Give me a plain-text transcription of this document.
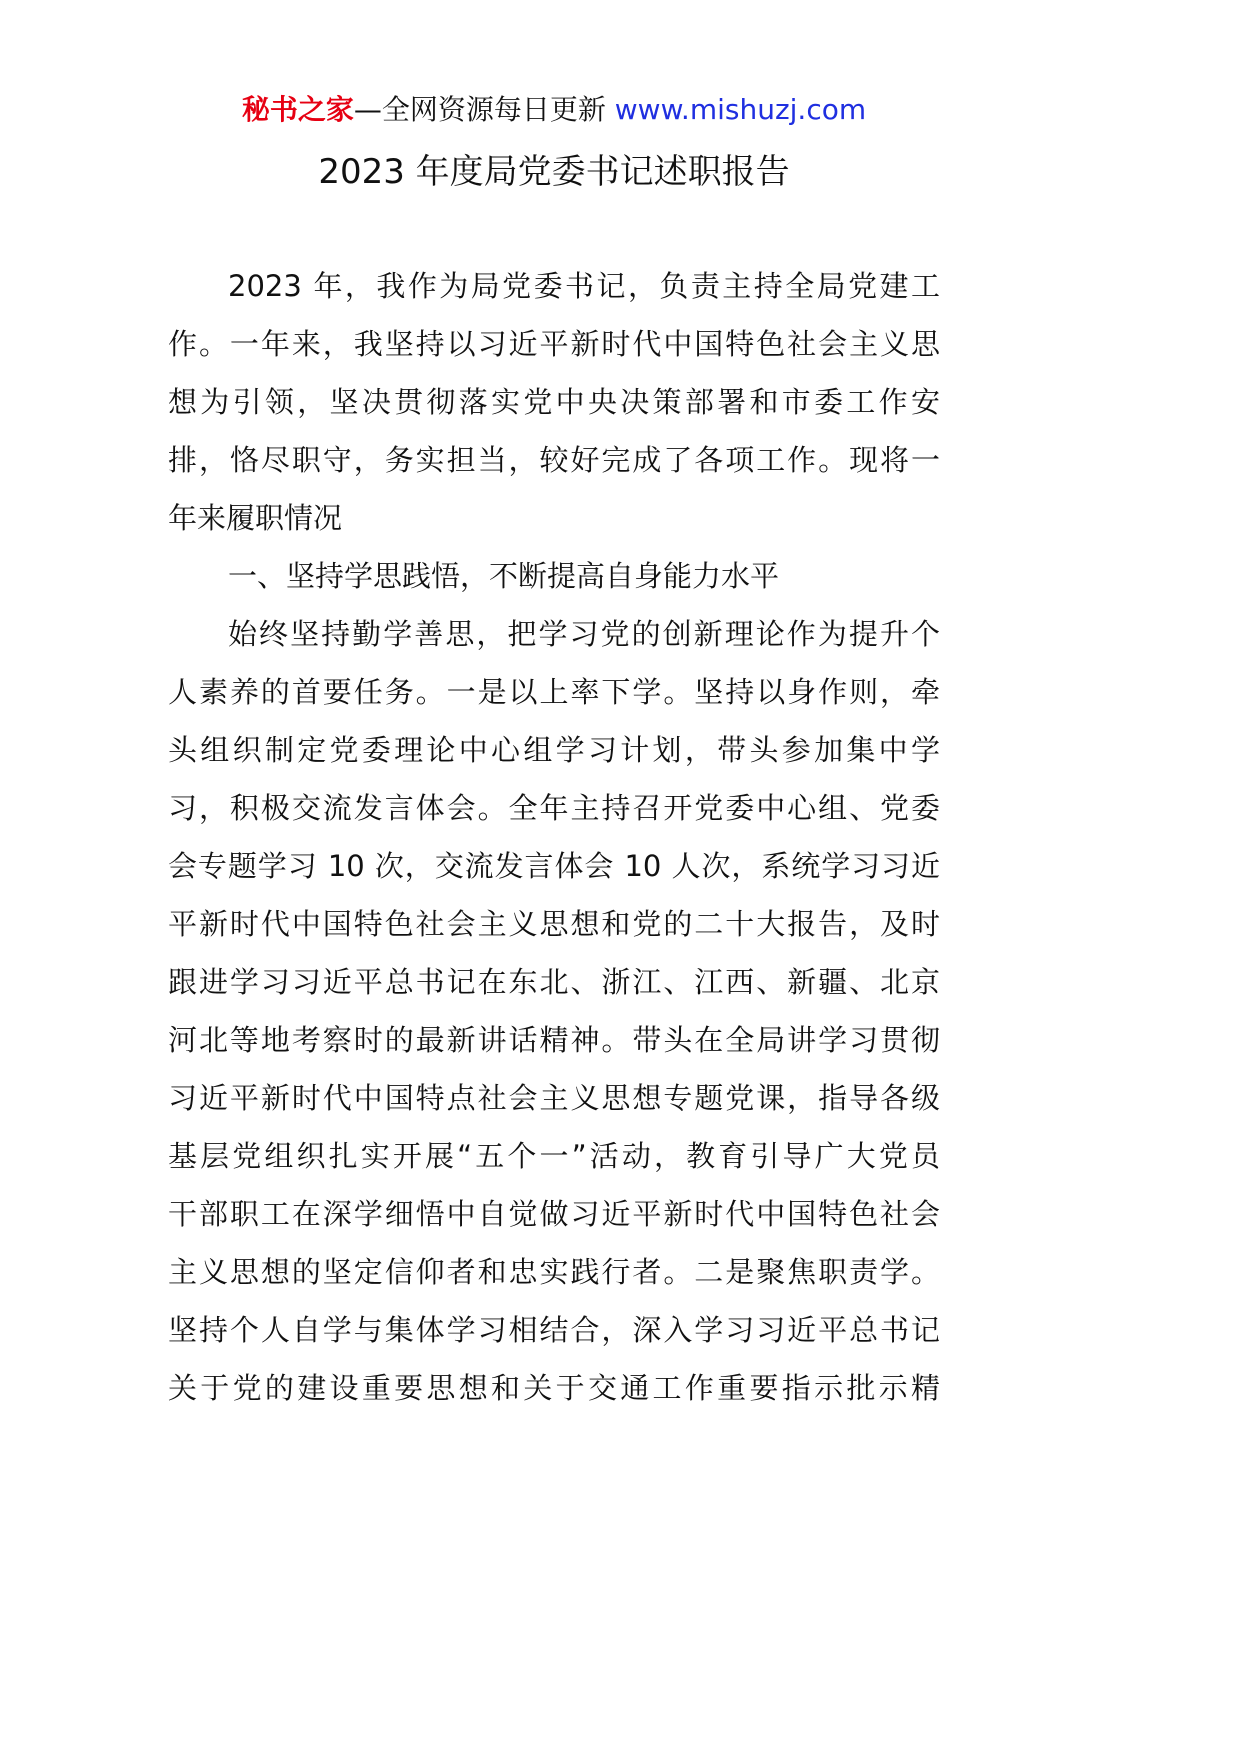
秘书之家—全网资源每日更新 www.mishuzj.com
2023 年度局党委书记述职报告
2023 年，我作为局党委书记，负责主持全局党建工
作。一年来，我坚持以习近平新时代中国特色社会主义思
想为引领，坚决贯彻落实党中央决策部署和市委工作安
排，恪尽职守，务实担当，较好完成了各项工作。现将一
年来履职情况
一、坚持学思践悟，不断提高自身能力水平
始终坚持勤学善思，把学习党的创新理论作为提升个
人素养的首要任务。一是以上率下学。坚持以身作则，牵
头组织制定党委理论中心组学习计划，带头参加集中学
习，积极交流发言体会。全年主持召开党委中心组、党委
会专题学习 10 次，交流发言体会 10 人次，系统学习习近
平新时代中国特色社会主义思想和党的二十大报告，及时
跟进学习习近平总书记在东北、浙江、江西、新疆、北京
河北等地考察时的最新讲话精神。带头在全局讲学习贯彻
习近平新时代中国特点社会主义思想专题党课，指导各级
基层党组织扎实开展“五个一”活动，教育引导广大党员
干部职工在深学细悟中自觉做习近平新时代中国特色社会
主义思想的坚定信仰者和忠实践行者。二是聚焦职责学。
坚持个人自学与集体学习相结合，深入学习习近平总书记
关于党的建设重要思想和关于交通工作重要指示批示精
